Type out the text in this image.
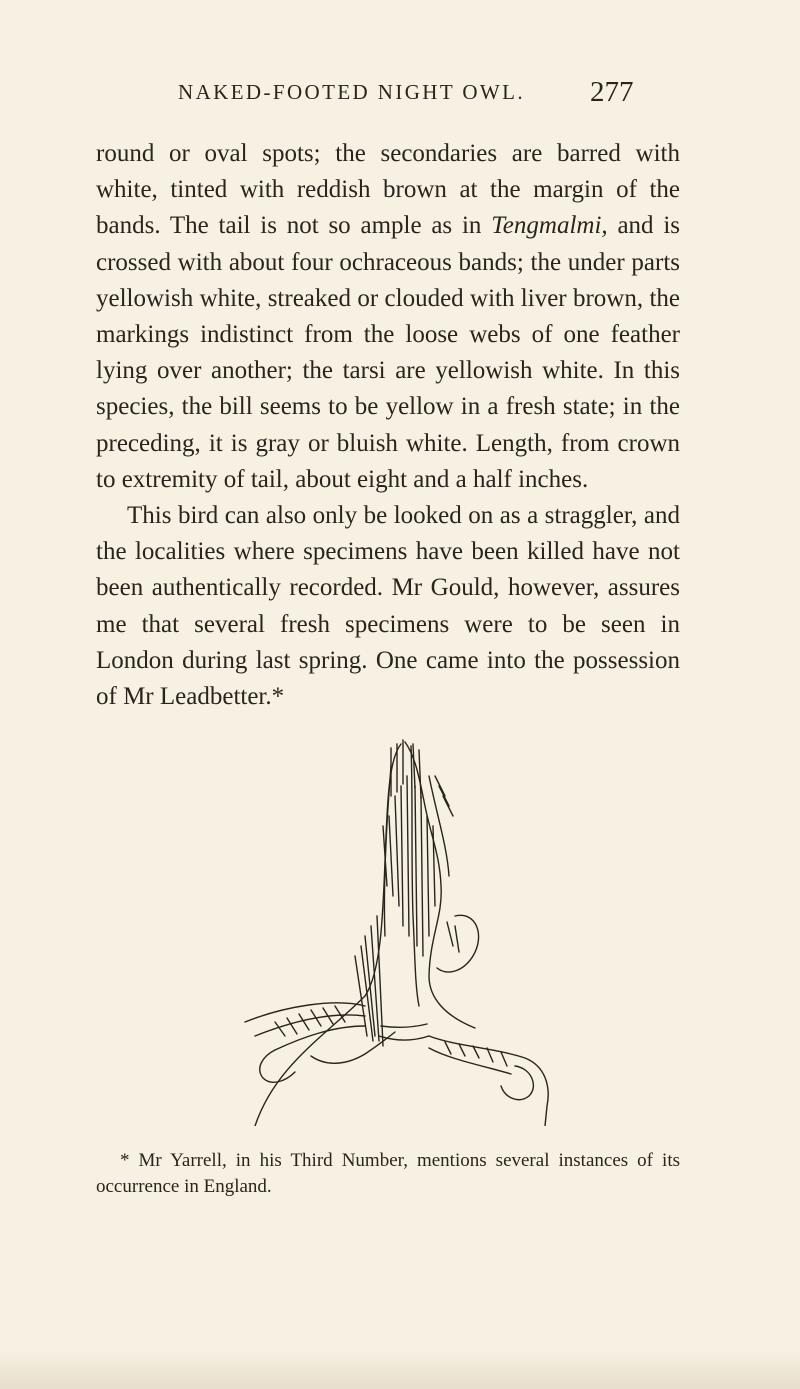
NAKED-FOOTED NIGHT OWL. 277

round or oval spots; the secondaries are barred with white, tinted with reddish brown at the margin of the bands. The tail is not so ample as in Tengmalmi, and is crossed with about four ochraceous bands; the under parts yellowish white, streaked or clouded with liver brown, the markings indistinct from the loose webs of one feather lying over another; the tarsi are yellowish white. In this species, the bill seems to be yellow in a fresh state; in the preceding, it is gray or bluish white. Length, from crown to extremity of tail, about eight and a half inches.

This bird can also only be looked on as a straggler, and the localities where specimens have been killed have not been authentically recorded. Mr Gould, however, assures me that several fresh specimens were to be seen in London during last spring. One came into the possession of Mr Leadbetter.*

* Mr Yarrell, in his Third Number, mentions several instances of its occurrence in England.
